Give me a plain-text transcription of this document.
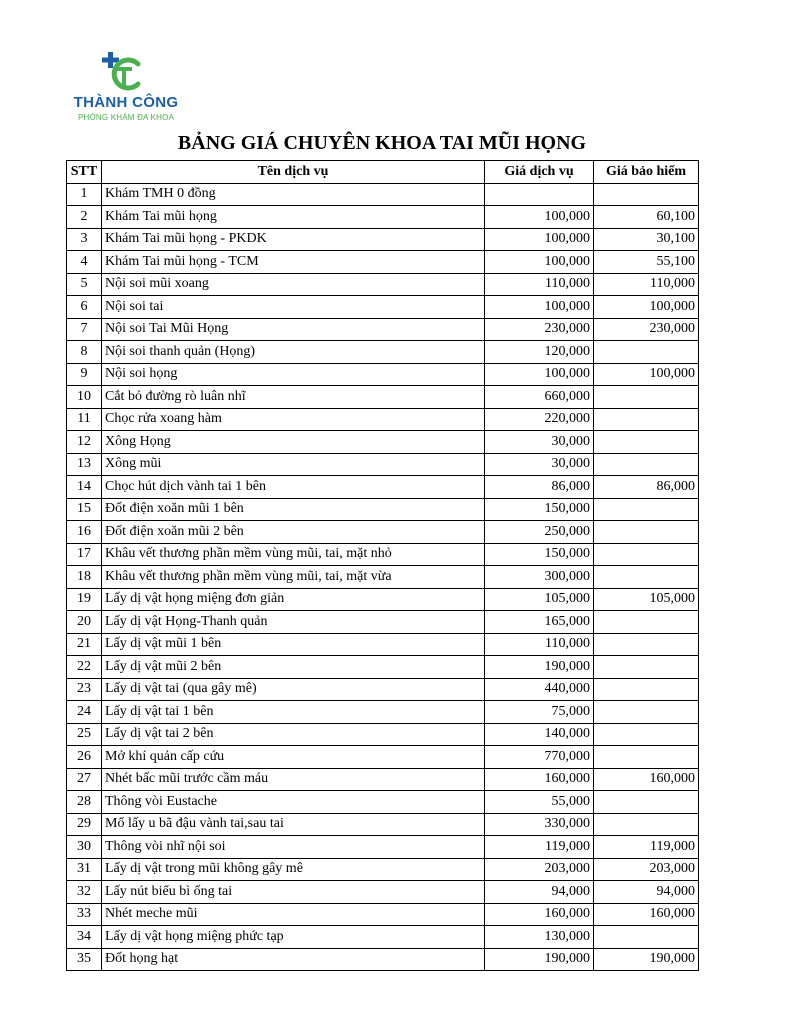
THÀNH CÔNG
PHÒNG KHÁM ĐA KHOA
BẢNG GIÁ CHUYÊN KHOA TAI MŨI HỌNG
STT	Tên dịch vụ	Giá dịch vụ	Giá bảo hiểm
1	Khám TMH 0 đồng		
2	Khám Tai mũi họng	100,000	60,100
3	Khám Tai mũi họng - PKDK	100,000	30,100
4	Khám Tai mũi họng - TCM	100,000	55,100
5	Nội soi mũi xoang	110,000	110,000
6	Nội soi tai	100,000	100,000
7	Nội soi Tai Mũi Họng	230,000	230,000
8	Nội soi thanh quản (Họng)	120,000	
9	Nội soi họng	100,000	100,000
10	Cắt bỏ đường rò luân nhĩ	660,000	
11	Chọc rửa xoang hàm	220,000	
12	Xông Họng	30,000	
13	Xông mũi	30,000	
14	Chọc hút dịch vành tai 1 bên	86,000	86,000
15	Đốt điện xoăn mũi 1 bên	150,000	
16	Đốt điện xoăn mũi 2 bên	250,000	
17	Khâu vết thương phần mềm vùng mũi, tai, mặt nhỏ	150,000	
18	Khâu vết thương phần mềm vùng mũi, tai, mặt vừa	300,000	
19	Lấy dị vật họng miệng đơn giản	105,000	105,000
20	Lấy dị vật Họng-Thanh quản	165,000	
21	Lấy dị vật mũi 1 bên	110,000	
22	Lấy dị vật mũi 2 bên	190,000	
23	Lấy dị vật tai (qua gây mê)	440,000	
24	Lấy dị vật tai 1 bên	75,000	
25	Lấy dị vật tai 2 bên	140,000	
26	Mở khí quản cấp cứu	770,000	
27	Nhét bấc mũi trước cầm máu	160,000	160,000
28	Thông vòi Eustache	55,000	
29	Mổ lấy u bã đậu vành tai,sau tai	330,000	
30	Thông vòi nhĩ nội soi	119,000	119,000
31	Lấy dị vật trong mũi không gây mê	203,000	203,000
32	Lấy nút biểu bì ống tai	94,000	94,000
33	Nhét meche mũi	160,000	160,000
34	Lấy dị vật họng miệng phức tạp	130,000	
35	Đốt họng hạt	190,000	190,000
